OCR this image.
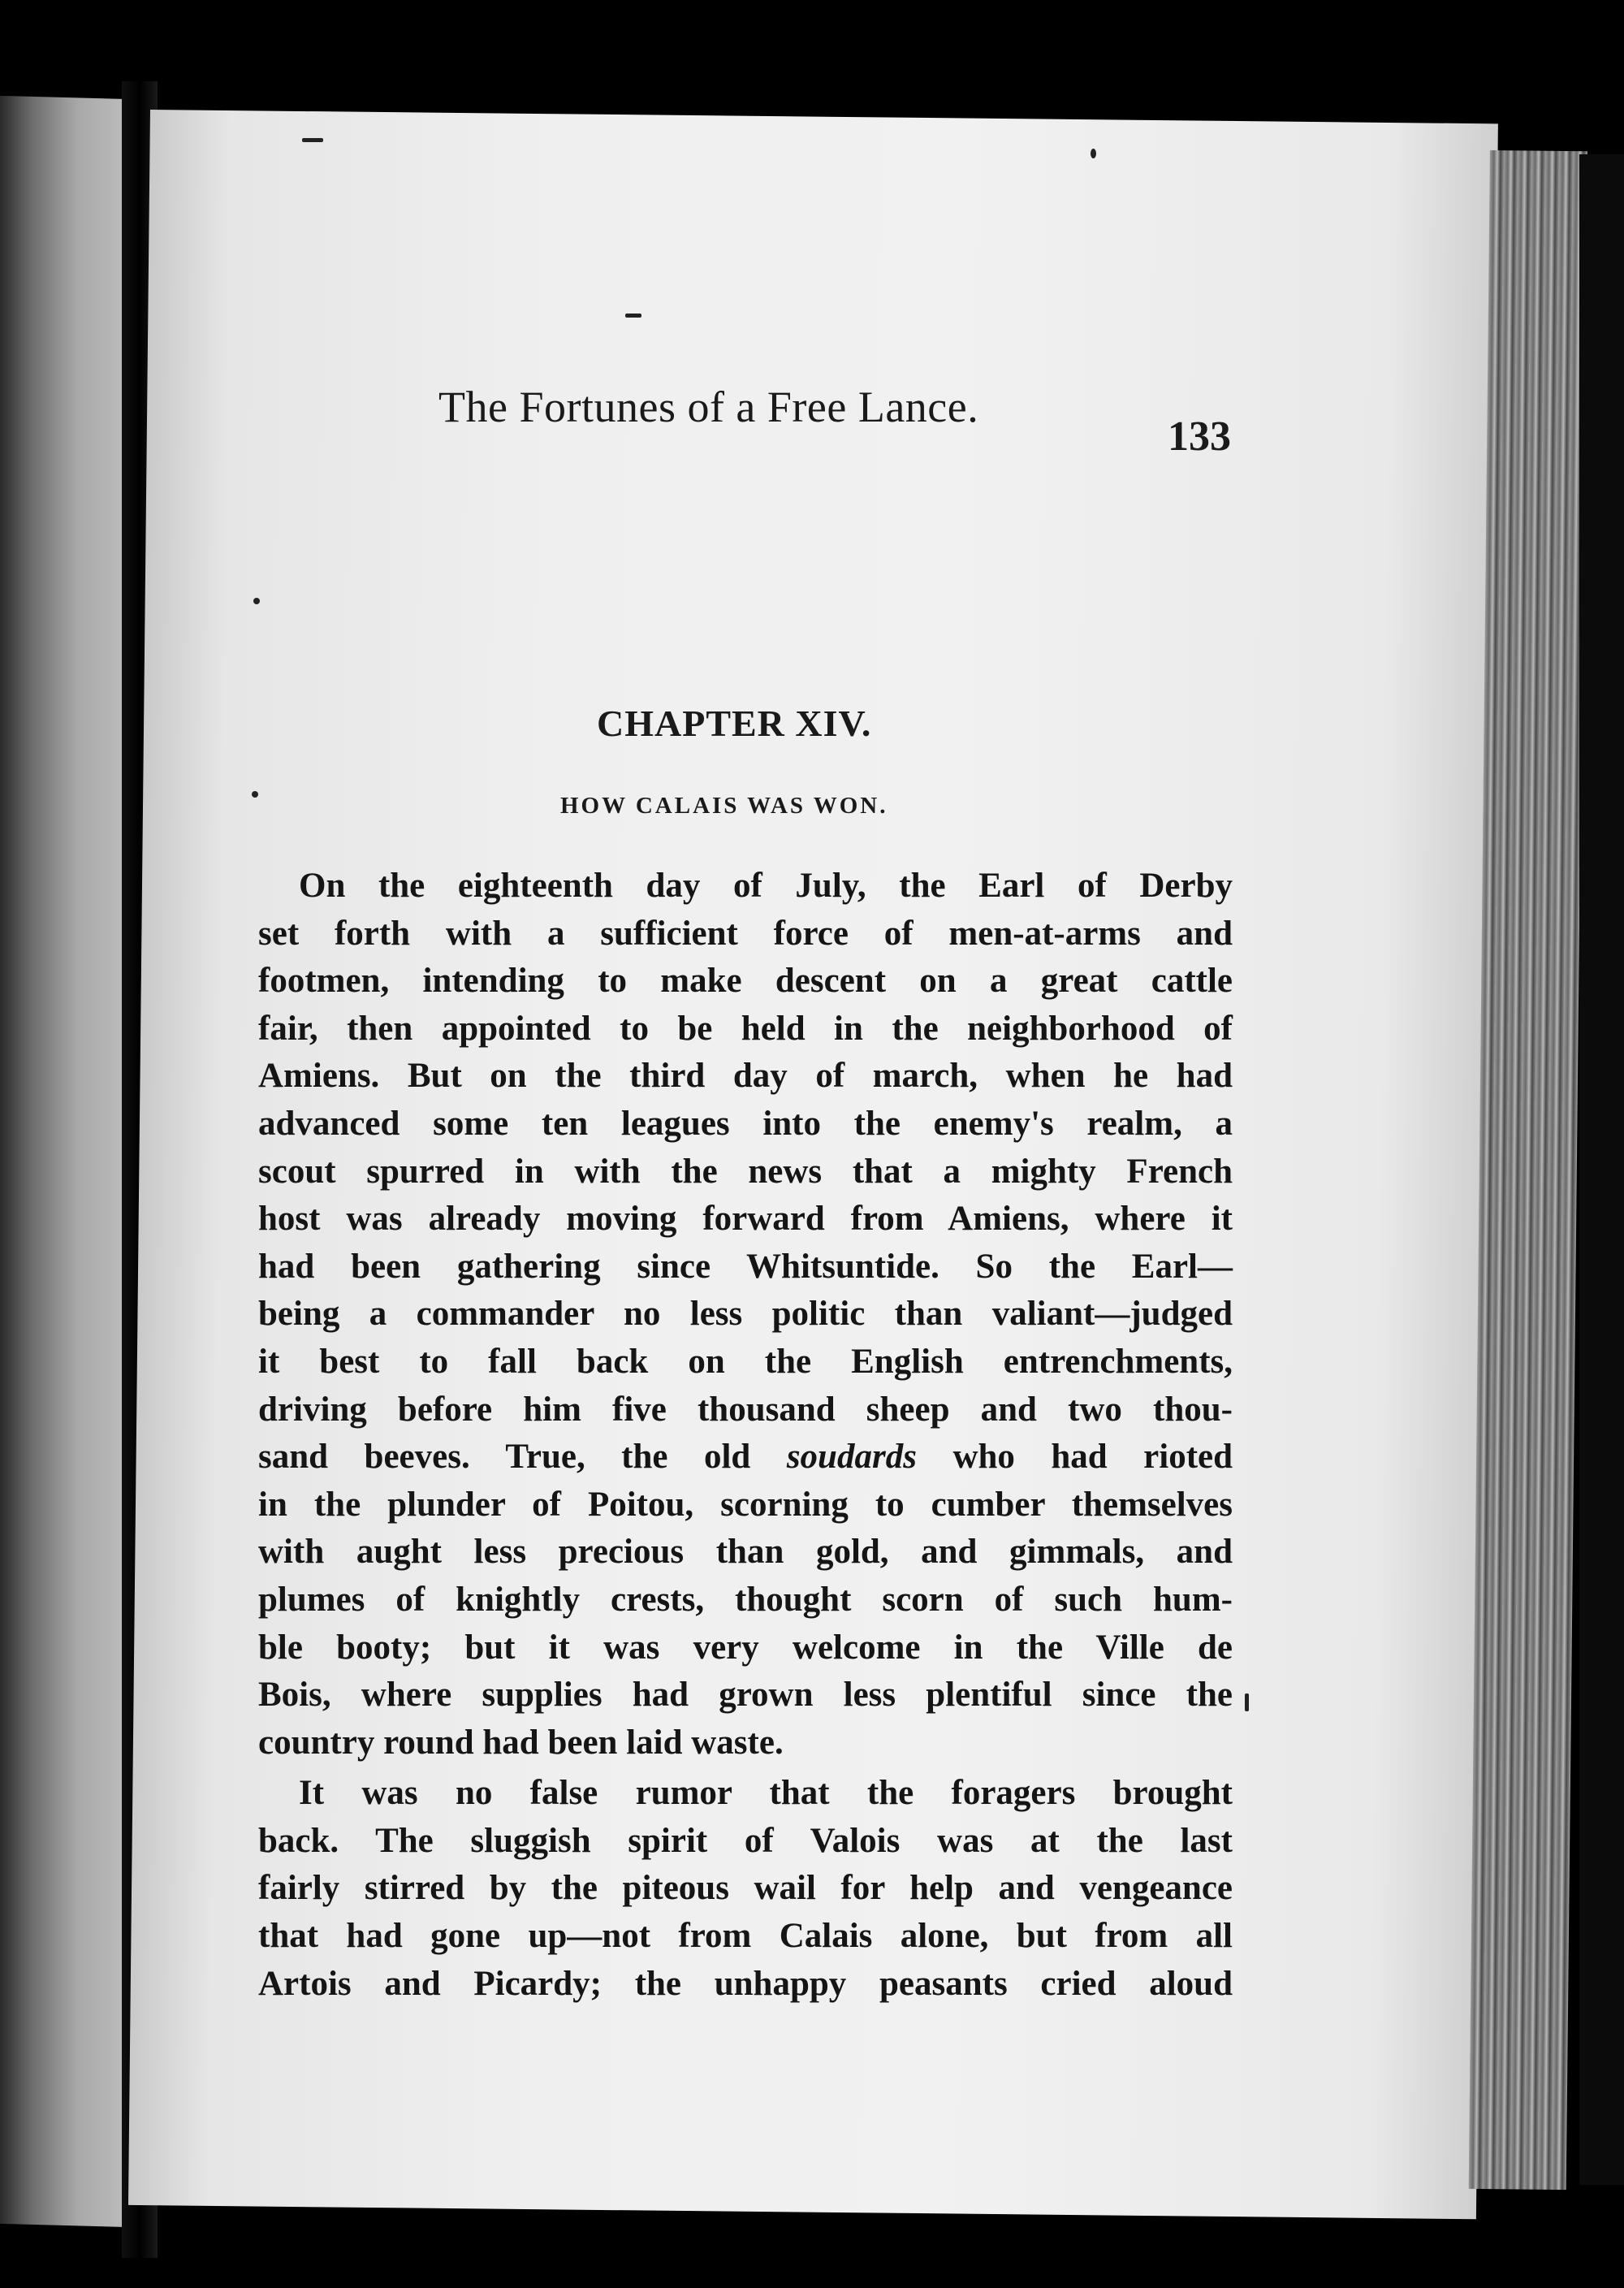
The Fortunes of a Free Lance.
133
CHAPTER XIV.
HOW CALAIS WAS WON.
On the eighteenth day of July, the Earl of Derby
set forth with a sufficient force of men-at-arms and
footmen, intending to make descent on a great cattle
fair, then appointed to be held in the neighborhood of
Amiens. But on the third day of march, when he had
advanced some ten leagues into the enemy's realm, a
scout spurred in with the news that a mighty French
host was already moving forward from Amiens, where it
had been gathering since Whitsuntide. So the Earl—
being a commander no less politic than valiant—judged
it best to fall back on the English entrenchments,
driving before him five thousand sheep and two thou-
sand beeves. True, the old soudards who had rioted
in the plunder of Poitou, scorning to cumber themselves
with aught less precious than gold, and gimmals, and
plumes of knightly crests, thought scorn of such hum-
ble booty; but it was very welcome in the Ville de
Bois, where supplies had grown less plentiful since the
country round had been laid waste.
It was no false rumor that the foragers brought
back. The sluggish spirit of Valois was at the last
fairly stirred by the piteous wail for help and vengeance
that had gone up—not from Calais alone, but from all
Artois and Picardy; the unhappy peasants cried aloud
